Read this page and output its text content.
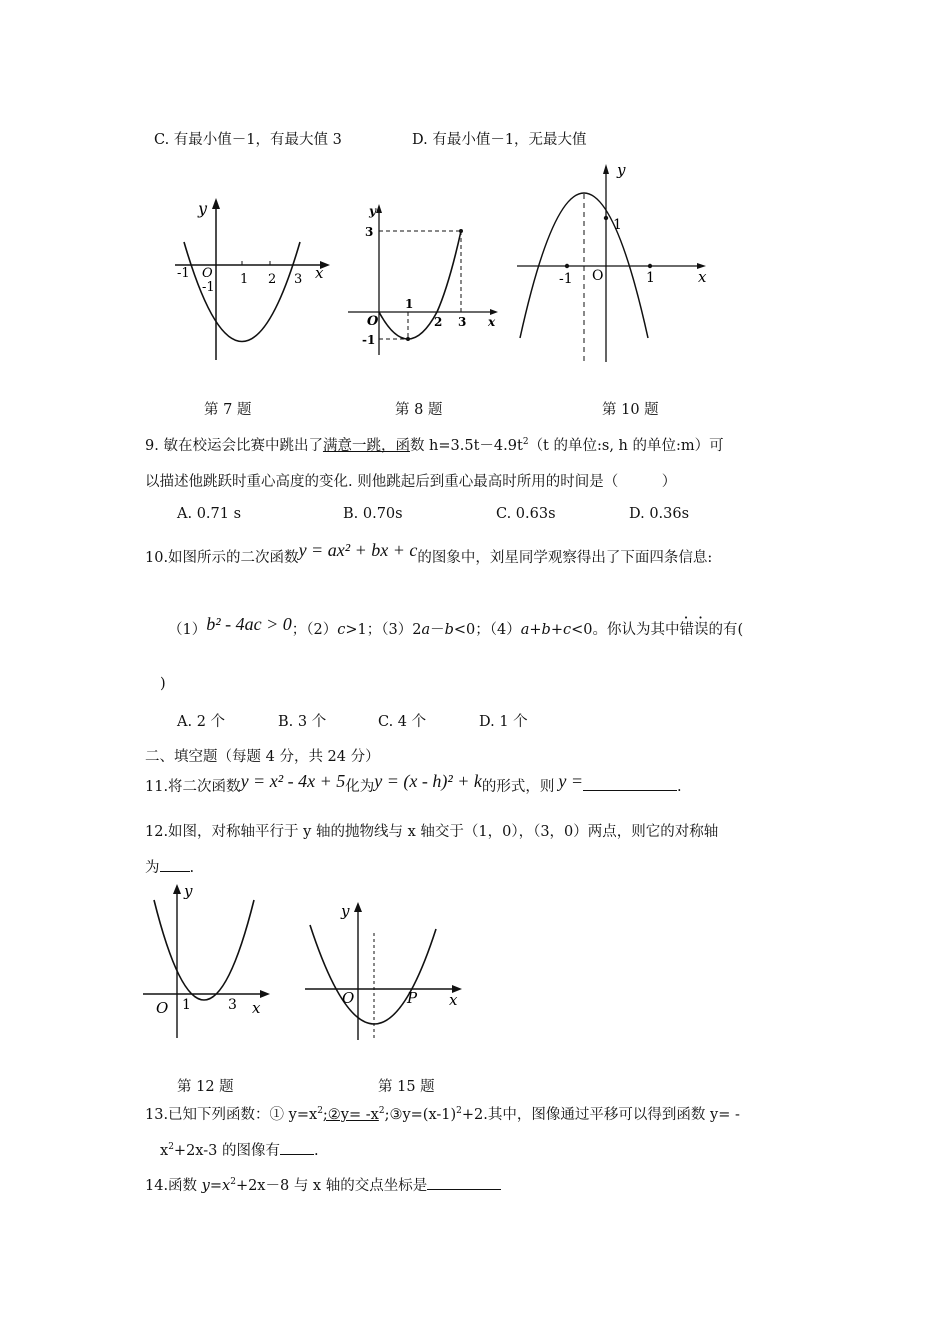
C. 有最小值－1，有最大值 3	D. 有最小值－1，无最大值
y
x
O
-1
-1
1 2 3
y
x
O
3
1
2 3
-1
y
x
O
1
-1	1
第 7 题	第 8 题	第 10 题
9. 敏在校运会比赛中跳出了满意一跳，函数 $h=3.5t-4.9t^2(t$ 的单位:s, h 的单位:m）可
以描述他跳跃时重心高度的变化. 则他跳起后到重心最高时所用的时间是（　　　）
A. 0.71 s	B. 0.70s	C. 0.63s	D. 0.36s
10.如图所示的二次函数y = ax² + bx + c的图象中，刘星同学观察得出了下面四条信息:
（1）b² - 4ac > 0；（2）c>1；（3）2a－b<0；（4）a+b+c<0。你认为其中错误的有(
)
A. 2 个	B. 3 个	C. 4 个	D. 1 个
二、填空题（每题 4 分，共 24 分）
11.将二次函数y = x² - 4x + 5化为y = (x - h)² + k的形式，则 y =	.
12.如图，对称轴平行于 y 轴的抛物线与 x 轴交于（1，0），（3，0）两点，则它的对称轴
为 .
y
x
O 1	3
y
x
O	P
第 12 题	第 15 题
13.已知下列函数：① $y=x^2;②y=$ $-x^2;③y=(x-1)^2+2$.其中，图像通过平移可以得到函数 y= -
$x^2+2x-3$ 的图像有 .
14.函数 $y=x^2+2x-8$ 与 x 轴的交点坐标是
